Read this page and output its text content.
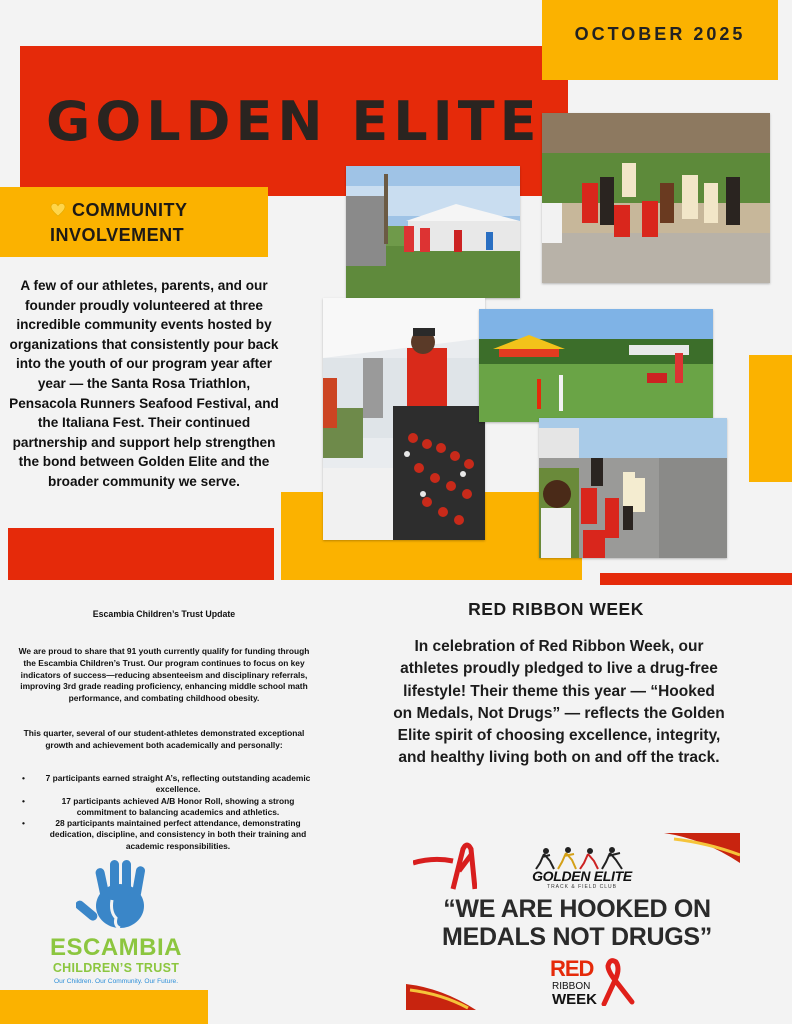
OCTOBER 2025
GOLDEN ELITE
COMMUNITY
INVOLVEMENT
A few of our athletes, parents, and our founder proudly volunteered at three incredible community events hosted by organizations that consistently pour back into the youth of our program year after year — the Santa Rosa Triathlon, Pensacola Runners Seafood Festival, and the Italiana Fest. Their continued partnership and support help strengthen the bond between Golden Elite and the broader community we serve.
Escambia Children’s Trust Update
We are proud to share that 91 youth currently qualify for funding through the Escambia Children’s Trust. Our program continues to focus on key indicators of success—reducing absenteeism and disciplinary referrals, improving 3rd grade reading proficiency, enhancing middle school math performance, and combating childhood obesity.
This quarter, several of our student-athletes demonstrated exceptional growth and achievement both academically and personally:
• 7 participants earned straight A’s, reflecting outstanding academic excellence.
• 17 participants achieved A/B Honor Roll, showing a strong commitment to balancing academics and athletics.
• 28 participants maintained perfect attendance, demonstrating dedication, discipline, and consistency in both their training and academic responsibilities.
ESCAMBIA
CHILDREN’S TRUST
Our Children. Our Community. Our Future.
RED RIBBON WEEK
In celebration of Red Ribbon Week, our athletes proudly pledged to live a drug-free lifestyle! Their theme this year — “Hooked on Medals, Not Drugs” — reflects the Golden Elite spirit of choosing excellence, integrity, and healthy living both on and off the track.
GOLDEN ELITE
TRACK & FIELD CLUB
“WE ARE HOOKED ON MEDALS NOT DRUGS”
RED
RIBBON
WEEK
